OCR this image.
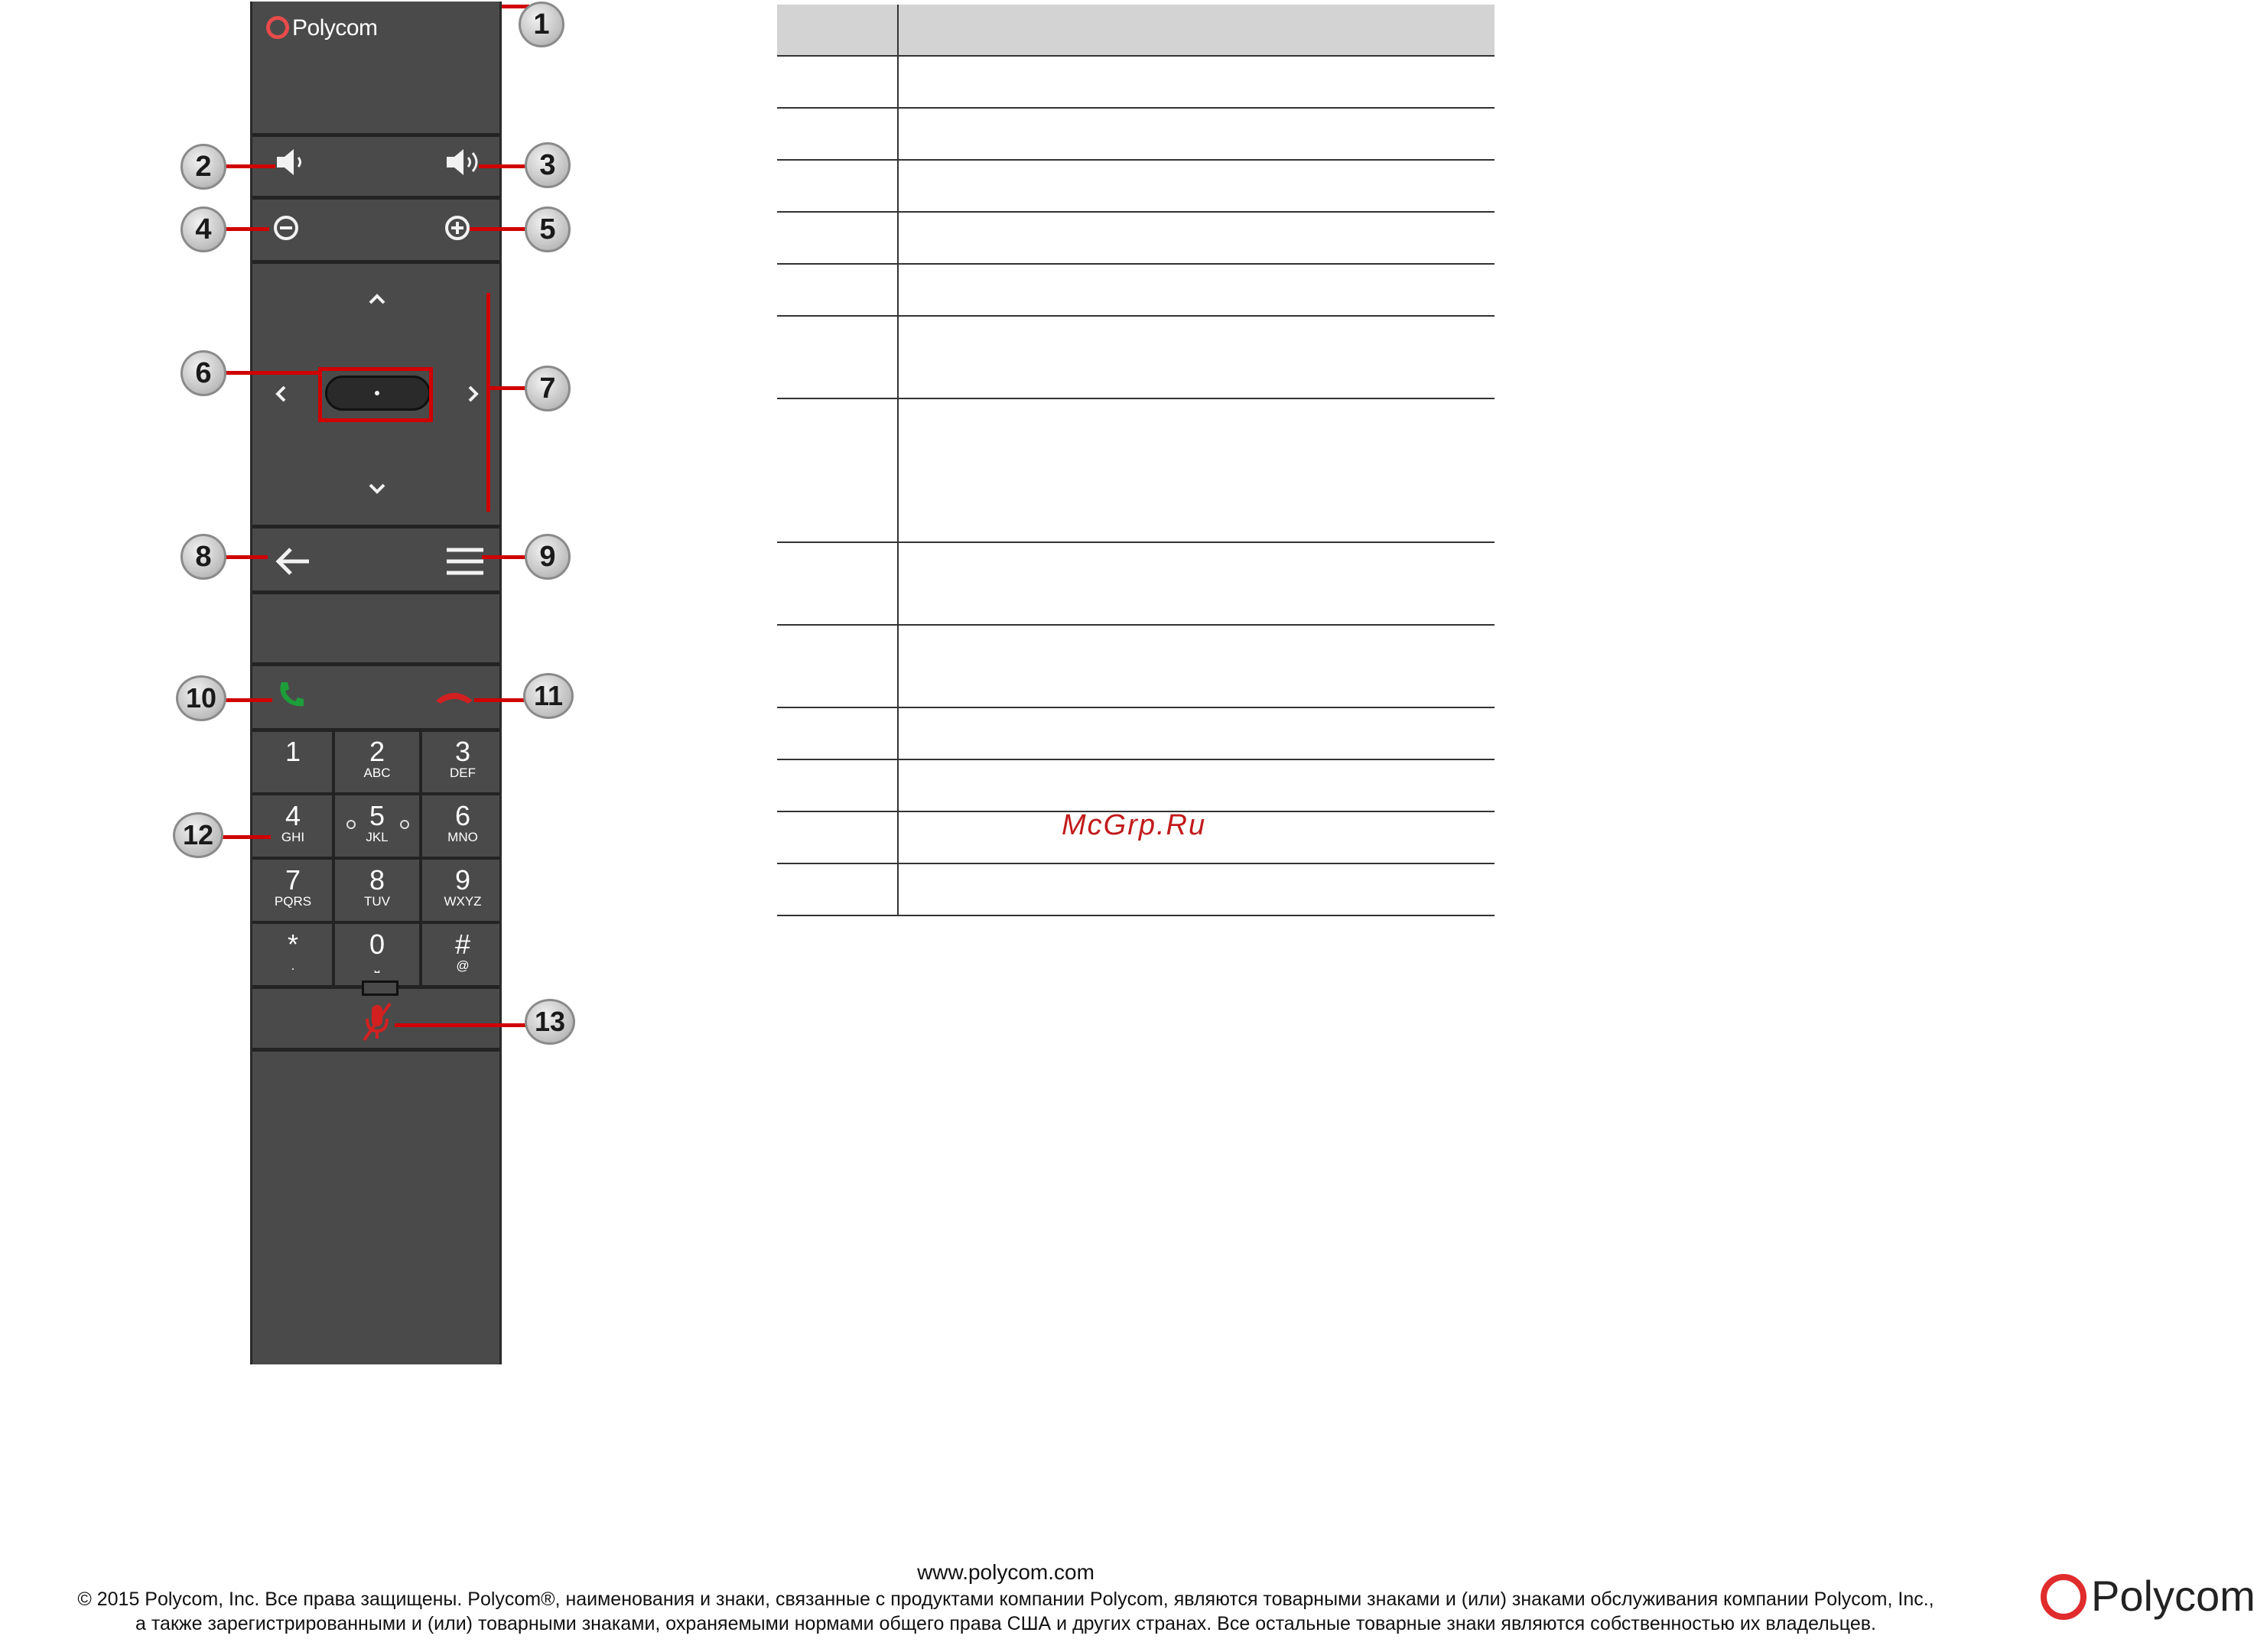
Polycom
1	2
ABC
3
DEF
4
GHI
5
JKL
6
MNO
7
PQRS
8
TUV
9
WXYZ
*
.
0
⎵
#
@
1
2	3
4	5
6	7
8	9
10	11
12
13
McGrp.Ru
www.polycom.com
© 2015 Polycom, Inc. Все права защищены. Polycom®, наименования и знаки, связанные с продуктами компании Polycom, являются товарными знаками и (или) знаками обслуживания компании Polycom, Inc.,
а также зарегистрированными и (или) товарными знаками, охраняемыми нормами общего права США и других странах. Все остальные товарные знаки являются собственностью их владельцев.
Polycom
